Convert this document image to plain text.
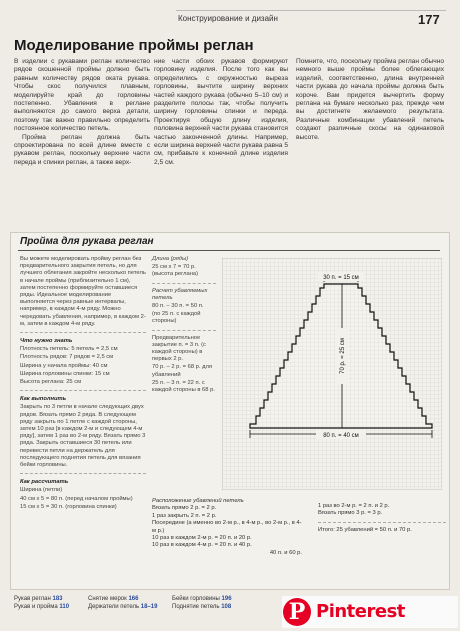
Конструирование и дизайн	177
Моделирование проймы реглан

В изделии с рукавами реглан количество рядов скошенной проймы должно быть равным количеству рядов оката рукава. Чтобы скос получился плавным, моделируйте край до горловины постепенно. Убавления в реглане выполняются до самого верха детали, поэтому так важно правильно определить постоянное количество петель.

Пройма реглан должна быть спроектирована по всей длине вместе с рукавом реглан, поскольку верхние части переда и спинки реглан, а также верх-

ние части обоих рукавов формируют горловину изделия. После того как вы определились с окружностью выреза горловины, вычтите ширину верхних частей каждого рукава (обычно 5–10 см) и разделите полосы так, чтобы получить ширину горловины спинки и переда. Проектируя общую длину изделия, половина верхней части рукава становится частью законченной длины. Например, если ширина верхней части рукава равна 5 см, прибавьте к конечной длине изделия 2,5 см.

Помните, что, поскольку пройма реглан обычно немного выше проймы более облегающих изделий, соответственно, длина внутренней части рукава до начала проймы должна быть короче. Вам придется вычертить форму реглана на бумаге несколько раз, прежде чем вы достигнете желаемого результата. Различные комбинации убавлений петель создают различные скосы на одинаковой высоте.

Пройма для рукава реглан

Вы можете моделировать пройму реглан без предварительного закрытия петель, но для лучшего облегания закройте несколько петель в начале проймы (приблизительно 1 см), затем постепенно формируйте оставшиеся ряды. Идеальное моделирование выполняется через равные интервалы, например, в каждом 4-м ряду. Можно чередовать убавления, например, в каждом 2-м, затем в каждом 4-м ряду.

Что нужно знать

Плотность петель: 5 петель = 2,5 см

Плотность рядов: 7 рядов = 2,5 см

Ширина у начала проймы: 40 см

Ширина горловины спинки: 15 см

Высота реглана: 25 см

Как выполнить

Закрыть по 3 петли в начале следующих двух рядов. Вязать прямо 2 ряда. В следующем ряду закрыть по 1 петле с каждой стороны, затем 10 раз [в каждом 2-м и следующем 4-м ряду], затем 1 раз во 2-м ряду. Вязать прямо 3 ряда. Закрыть оставшиеся 30 петель или перевести петли на держатель для последующего поднятия петель для вязания бейки горловины.

Как рассчитать

Ширина (петли)

40 см x 5 = 80 п. (перед началом проймы)

15 см x 5 = 30 п. (горловина спинки)

Длина (ряды)

25 см x 7 = 70 р. (высота реглана)

Расчет убавляемых петель

80 п. – 30 п. = 50 п.

(по 25 п. с каждой стороны)

Предварительное закрытие п. = 3 п. (с каждой стороны) в первых 2 р.

70 р. – 2 р. = 68 р. для убавлений

25 п. – 3 п. = 22 п. с каждой стороны в 68 р.

30 п. = 15 см
70 р. = 25 см
80 п. = 40 см

Расположение убавлений петель

Вязать прямо 2 р. = 2 р.

1 раз закрыть 2 п. = 2 р.

Посередине (а именно во 2-м р., в 4-м р., во 2-м р., в 4-м р.)

10 раз в каждом 2-м р. = 20 п. и 20 р.

10 раз в каждом 4-м р. = 20 п. и 40 р.

40 п. и 60 р.

1 раз во 2-м р. = 2 п. и 2 р.

Вязать прямо 3 р. = 3 р.

Итого: 25 убавлений = 50 п. и 70 р.

Рукав реглан 183

Рукав и пройма 110

Снятие мерок 166

Держатели петель 18–19

Бейки горловины 196

Поднятие петель 108	P Pinterest
